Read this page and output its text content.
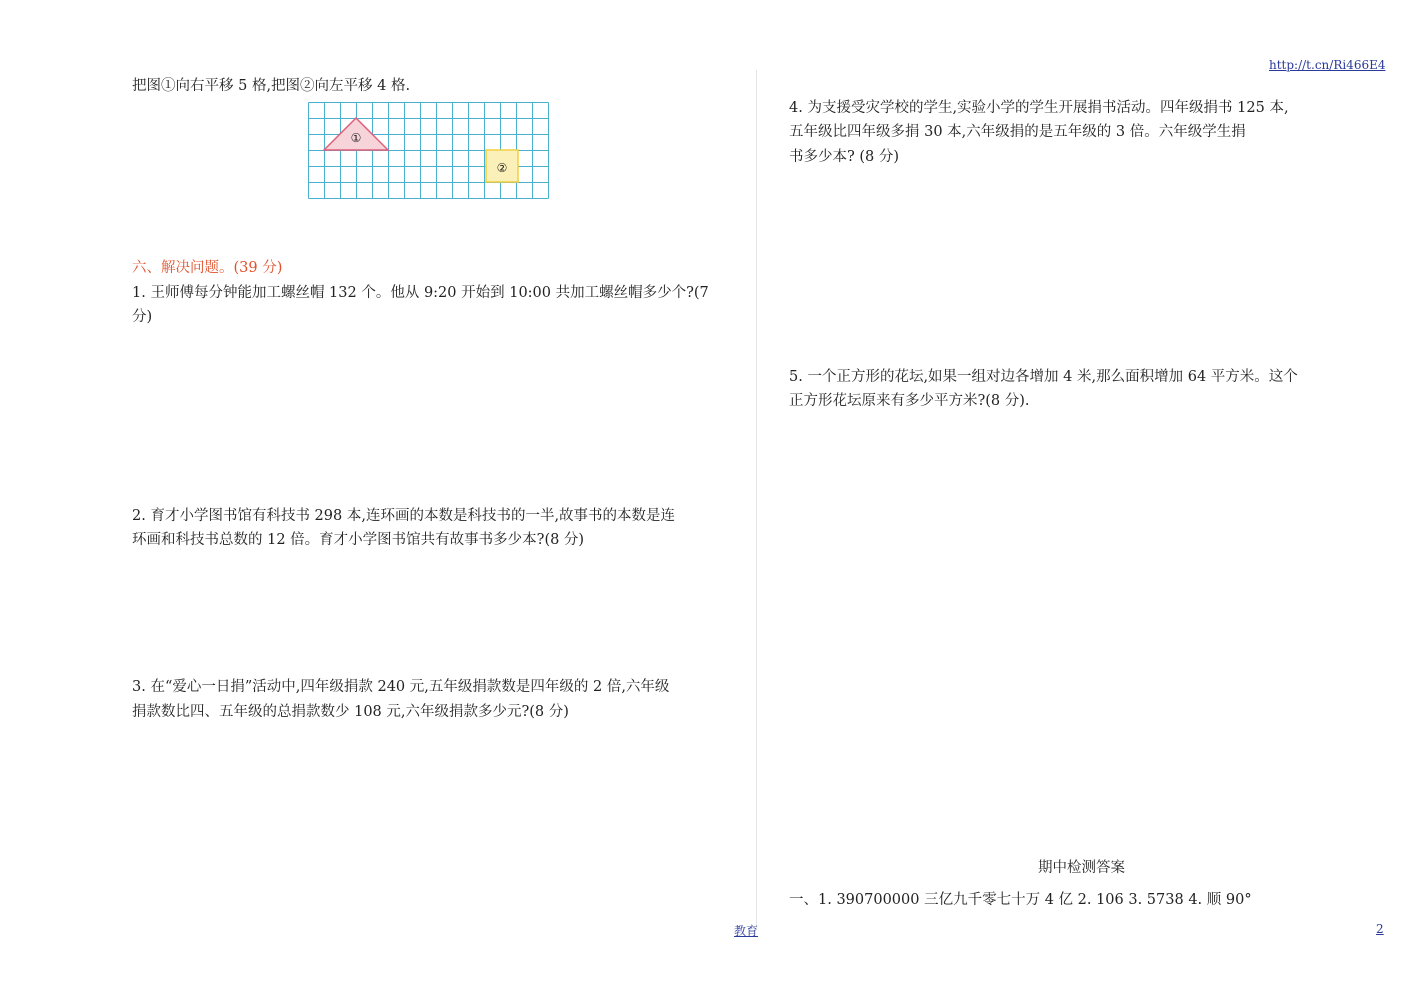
http://t.cn/Ri466E4
把图①向右平移 5 格,把图②向左平移 4 格.
①
②
六、解决问题。(39 分)
1. 王师傅每分钟能加工螺丝帽 132 个。他从 9:20 开始到 10:00 共加工螺丝帽多少个?(7
分)
2. 育才小学图书馆有科技书 298 本,连环画的本数是科技书的一半,故事书的本数是连
环画和科技书总数的 12 倍。育才小学图书馆共有故事书多少本?(8 分)
3. 在“爱心一日捐”活动中,四年级捐款 240 元,五年级捐款数是四年级的 2 倍,六年级
捐款数比四、五年级的总捐款数少 108 元,六年级捐款多少元?(8 分)
4. 为支援受灾学校的学生,实验小学的学生开展捐书活动。四年级捐书 125 本,
五年级比四年级多捐 30 本,六年级捐的是五年级的 3 倍。六年级学生捐
书多少本? (8 分)
5. 一个正方形的花坛,如果一组对边各增加 4 米,那么面积增加 64 平方米。这个
正方形花坛原来有多少平方米?(8 分).
期中检测答案
一、1. 390700000 三亿九千零七十万 4 亿 2. 106 3. 5738 4. 顺 90°
教育	2
